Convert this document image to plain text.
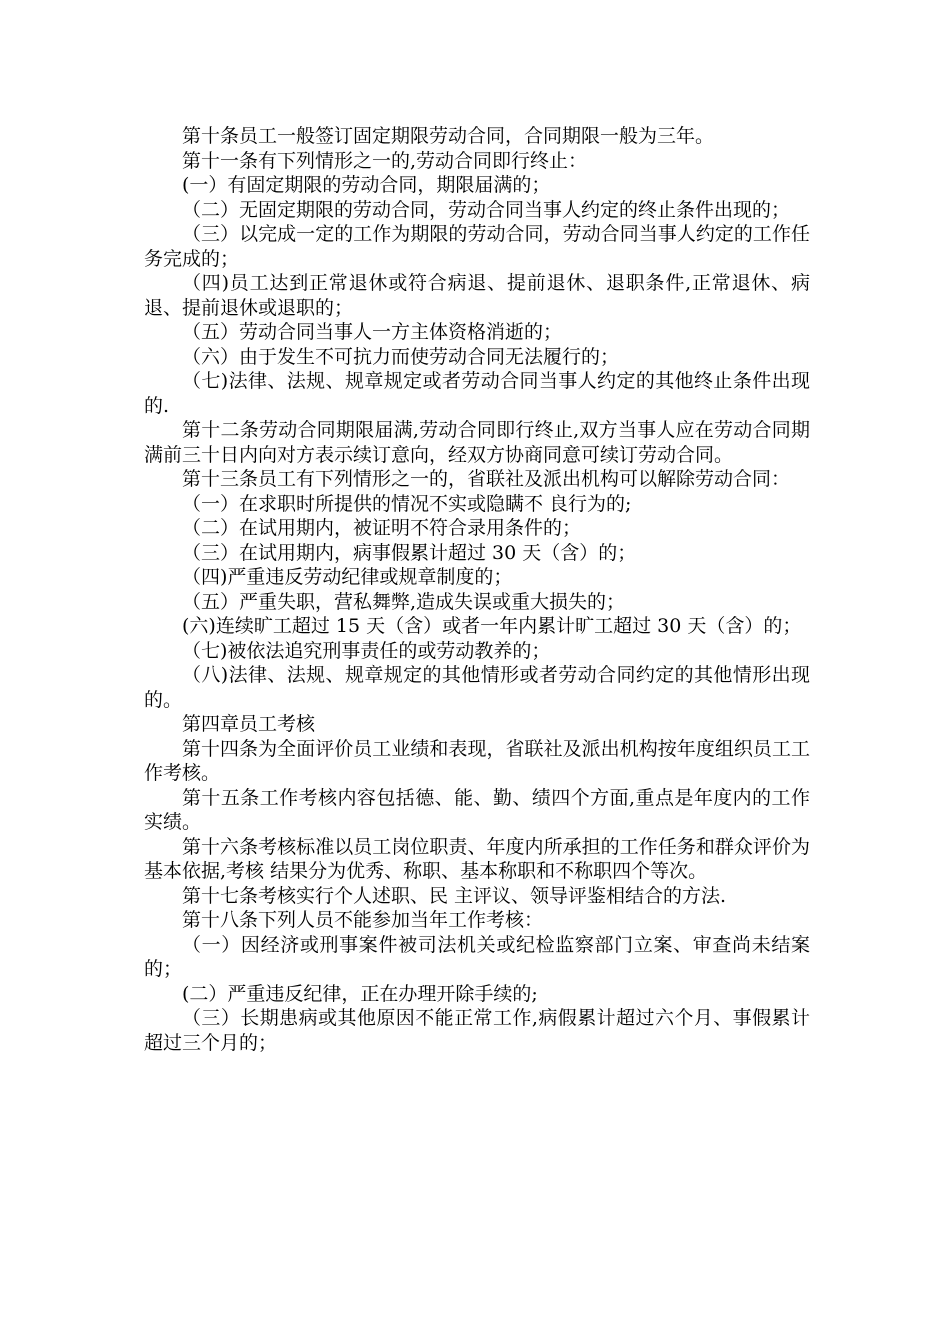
第十条员工一般签订固定期限劳动合同，合同期限一般为三年。

第十一条有下列情形之一的,劳动合同即行终止：

(一）有固定期限的劳动合同，期限届满的；

（二）无固定期限的劳动合同，劳动合同当事人约定的终止条件出现的；

（三）以完成一定的工作为期限的劳动合同，劳动合同当事人约定的工作任务完成的；

（四)员工达到正常退休或符合病退、提前退休、退职条件,正常退休、病退、提前退休或退职的；

（五）劳动合同当事人一方主体资格消逝的；

（六）由于发生不可抗力而使劳动合同无法履行的；

（七)法律、法规、规章规定或者劳动合同当事人约定的其他终止条件出现的.

第十二条劳动合同期限届满,劳动合同即行终止,双方当事人应在劳动合同期满前三十日内向对方表示续订意向，经双方协商同意可续订劳动合同。

第十三条员工有下列情形之一的，省联社及派出机构可以解除劳动合同：

（一）在求职时所提供的情况不实或隐瞒不 良行为的;

（二）在试用期内，被证明不符合录用条件的；

（三）在试用期内，病事假累计超过 30 天（含）的；

（四)严重违反劳动纪律或规章制度的；

（五）严重失职，营私舞弊,造成失误或重大损失的；

(六)连续旷工超过 15 天（含）或者一年内累计旷工超过 30 天（含）的；

（七)被依法追究刑事责任的或劳动教养的；

（八)法律、法规、规章规定的其他情形或者劳动合同约定的其他情形出现的。

第四章员工考核

第十四条为全面评价员工业绩和表现，省联社及派出机构按年度组织员工工作考核。

第十五条工作考核内容包括德、能、勤、绩四个方面,重点是年度内的工作实绩。

第十六条考核标准以员工岗位职责、年度内所承担的工作任务和群众评价为基本依据,考核 结果分为优秀、称职、基本称职和不称职四个等次。

第十七条考核实行个人述职、民 主评议、领导评鉴相结合的方法.

第十八条下列人员不能参加当年工作考核：

（一）因经济或刑事案件被司法机关或纪检监察部门立案、审查尚未结案的；

(二）严重违反纪律，正在办理开除手续的;

（三）长期患病或其他原因不能正常工作,病假累计超过六个月、事假累计超过三个月的；
